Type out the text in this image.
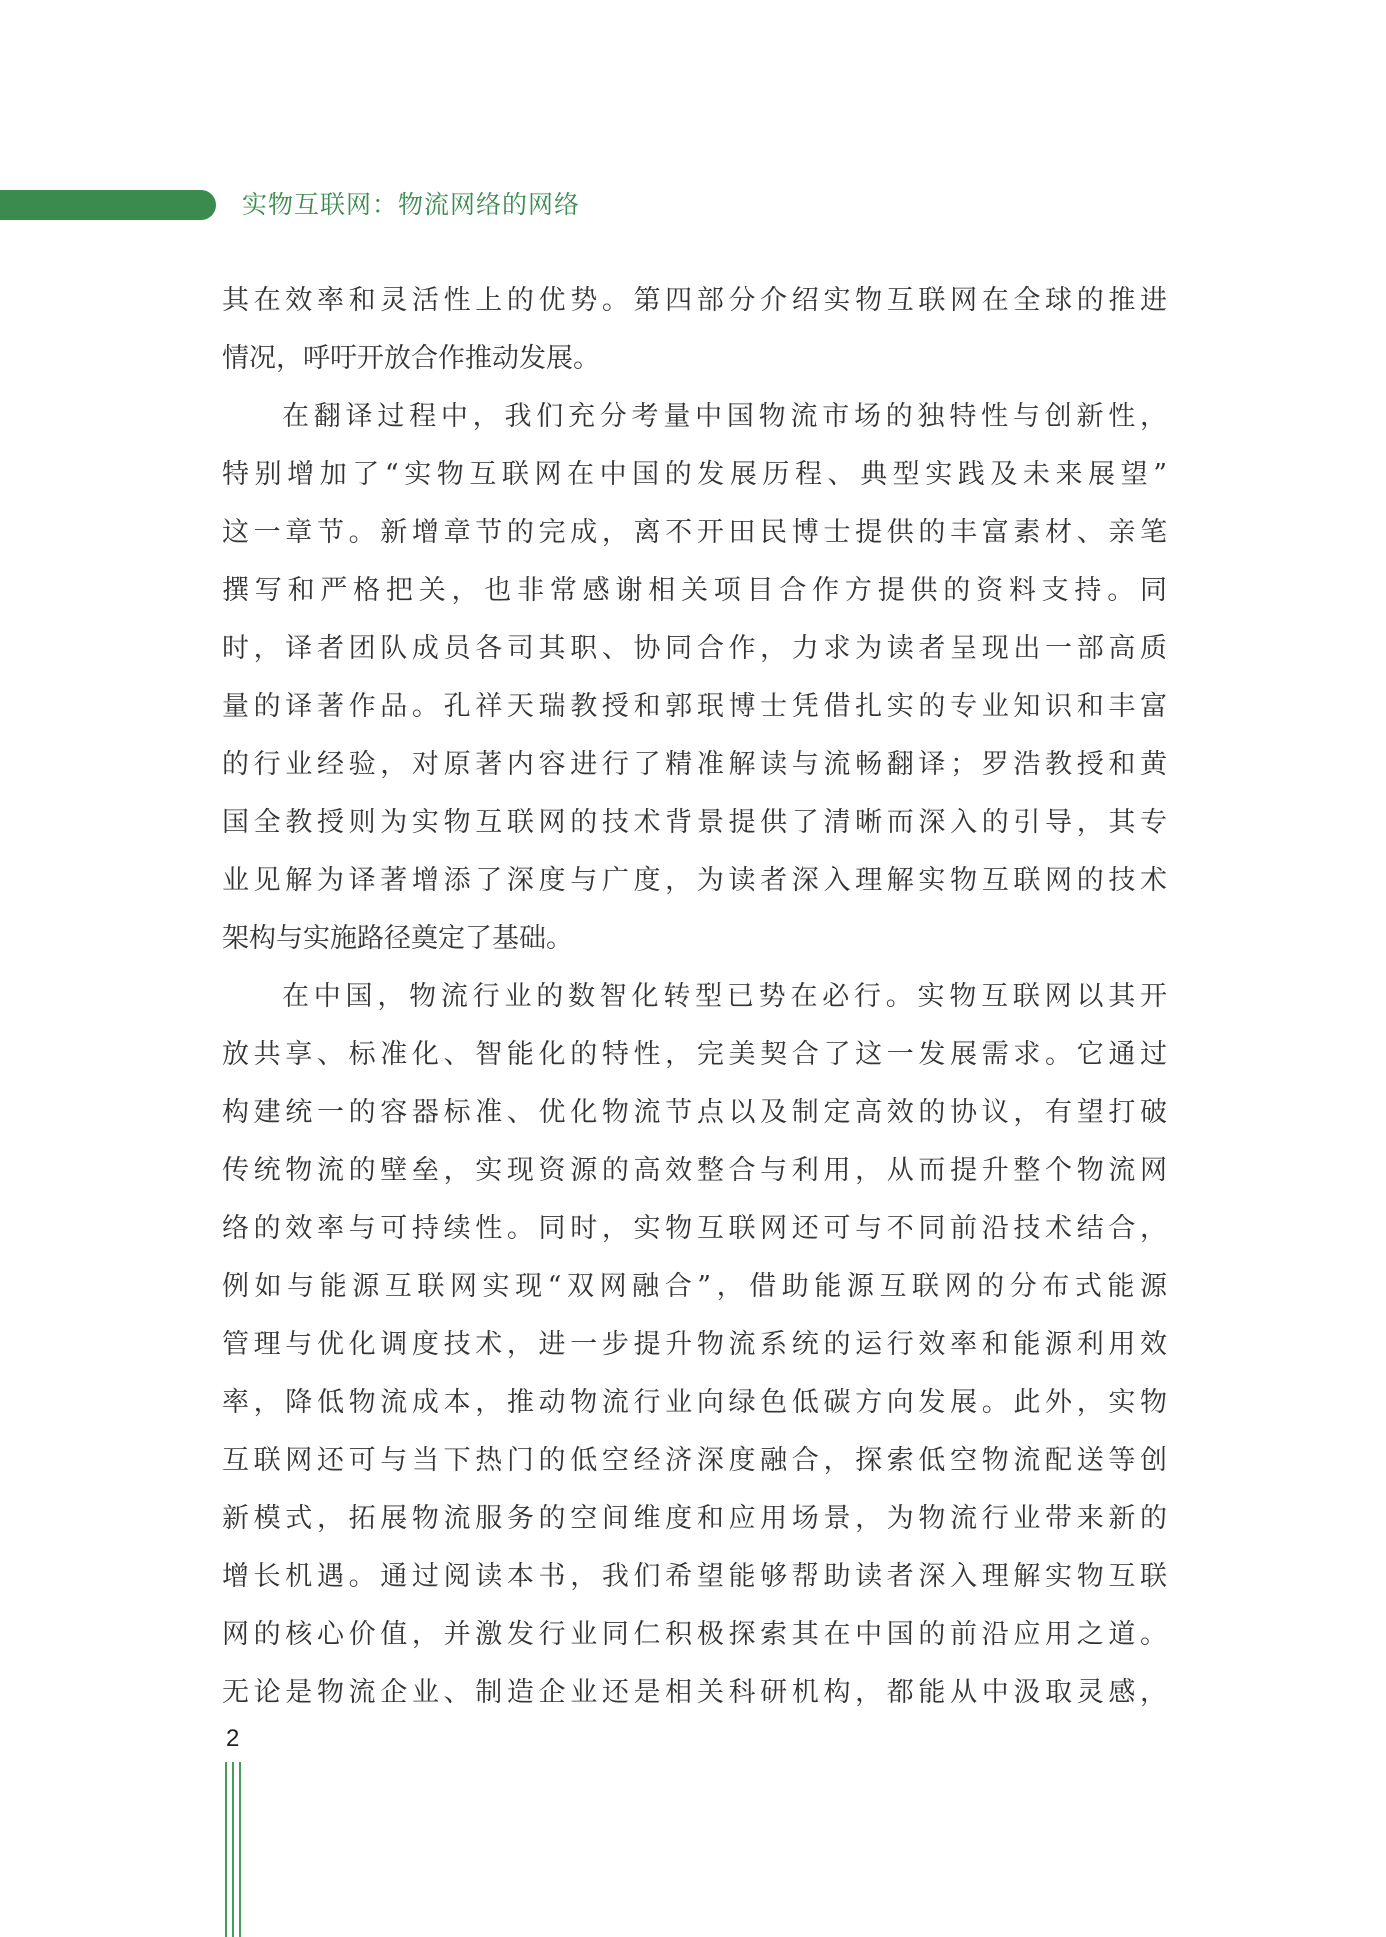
实物互联网：物流网络的网络
其在效率和灵活性上的优势。第四部分介绍实物互联网在全球的推进
情况，呼吁开放合作推动发展。
在翻译过程中，我们充分考量中国物流市场的独特性与创新性，
特别增加了“实物互联网在中国的发展历程、典型实践及未来展望”
这一章节。新增章节的完成，离不开田民博士提供的丰富素材、亲笔
撰写和严格把关，也非常感谢相关项目合作方提供的资料支持。同
时，译者团队成员各司其职、协同合作，力求为读者呈现出一部高质
量的译著作品。孔祥天瑞教授和郭珉博士凭借扎实的专业知识和丰富
的行业经验，对原著内容进行了精准解读与流畅翻译；罗浩教授和黄
国全教授则为实物互联网的技术背景提供了清晰而深入的引导，其专
业见解为译著增添了深度与广度，为读者深入理解实物互联网的技术
架构与实施路径奠定了基础。
在中国，物流行业的数智化转型已势在必行。实物互联网以其开
放共享、标准化、智能化的特性，完美契合了这一发展需求。它通过
构建统一的容器标准、优化物流节点以及制定高效的协议，有望打破
传统物流的壁垒，实现资源的高效整合与利用，从而提升整个物流网
络的效率与可持续性。同时，实物互联网还可与不同前沿技术结合，
例如与能源互联网实现“双网融合”，借助能源互联网的分布式能源
管理与优化调度技术，进一步提升物流系统的运行效率和能源利用效
率，降低物流成本，推动物流行业向绿色低碳方向发展。此外，实物
互联网还可与当下热门的低空经济深度融合，探索低空物流配送等创
新模式，拓展物流服务的空间维度和应用场景，为物流行业带来新的
增长机遇。通过阅读本书，我们希望能够帮助读者深入理解实物互联
网的核心价值，并激发行业同仁积极探索其在中国的前沿应用之道。
无论是物流企业、制造企业还是相关科研机构，都能从中汲取灵感，
2
